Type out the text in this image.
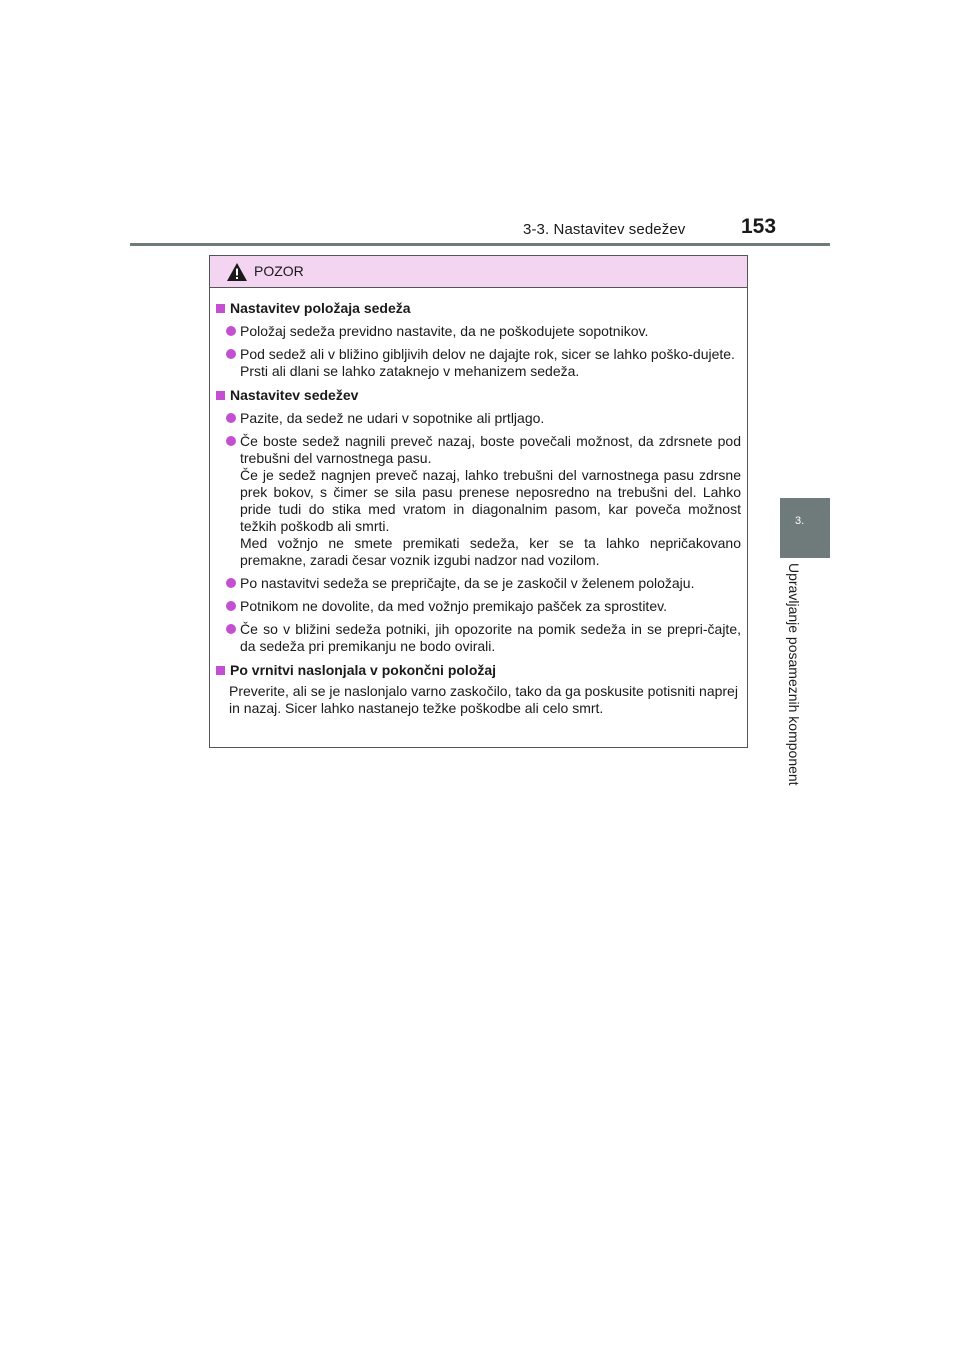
3-3. Nastavitev sedežev	153
3.
Upravljanje posameznih komponent
POZOR
Nastavitev položaja sedeža

Položaj sedeža previdno nastavite, da ne poškodujete sopotnikov.

Pod sedež ali v bližino gibljivih delov ne dajajte rok, sicer se lahko poško-dujete.

Prsti ali dlani se lahko zataknejo v mehanizem sedeža.

Nastavitev sedežev

Pazite, da sedež ne udari v sopotnike ali prtljago.

Če boste sedež nagnili preveč nazaj, boste povečali možnost, da zdrsnete pod trebušni del varnostnega pasu.

Če je sedež nagnjen preveč nazaj, lahko trebušni del varnostnega pasu zdrsne prek bokov, s čimer se sila pasu prenese neposredno na trebušni del. Lahko pride tudi do stika med vratom in diagonalnim pasom, kar poveča možnost težkih poškodb ali smrti.

Med vožnjo ne smete premikati sedeža, ker se ta lahko nepričakovano premakne, zaradi česar voznik izgubi nadzor nad vozilom.

Po nastavitvi sedeža se prepričajte, da se je zaskočil v želenem položaju.

Potnikom ne dovolite, da med vožnjo premikajo pašček za sprostitev.

Če so v bližini sedeža potniki, jih opozorite na pomik sedeža in se prepri-čajte, da sedeža pri premikanju ne bodo ovirali.

Po vrnitvi naslonjala v pokončni položaj

Preverite, ali se je naslonjalo varno zaskočilo, tako da ga poskusite potisniti naprej in nazaj. Sicer lahko nastanejo težke poškodbe ali celo smrt.
